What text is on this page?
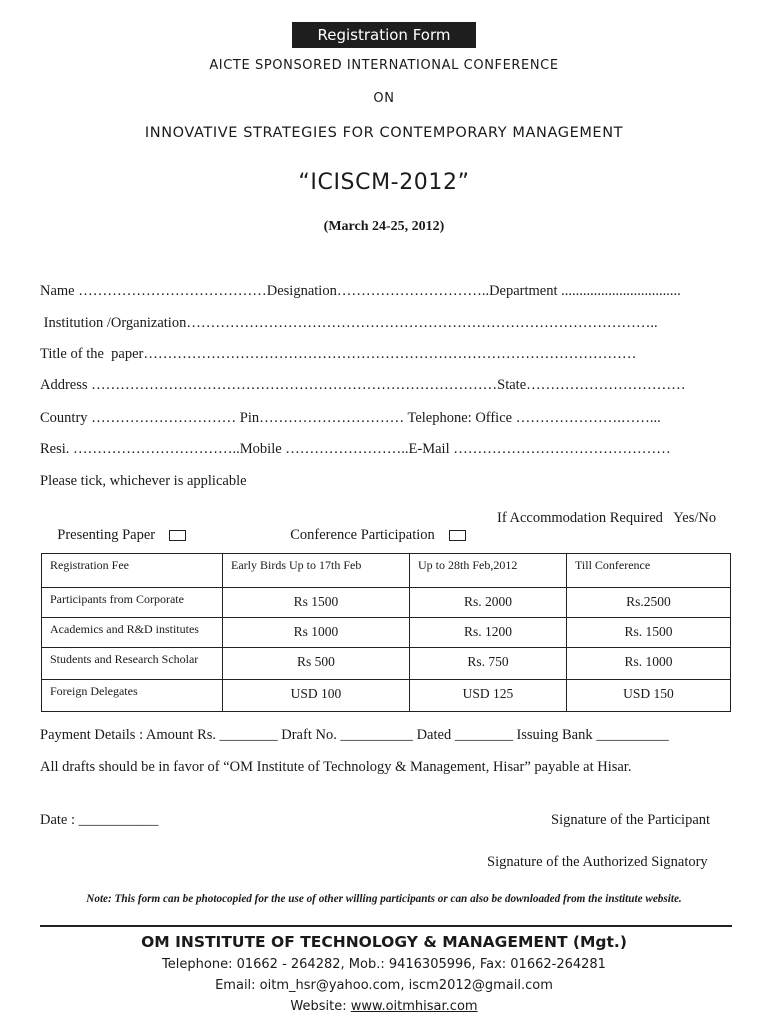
Registration Form
AICTE SPONSORED INTERNATIONAL CONFERENCE
ON
INNOVATIVE STRATEGIES FOR CONTEMPORARY MANAGEMENT
“ICISCM-2012”
(March 24-25, 2012)
Name …………………………………Designation…………………………..Department .................................
Institution /Organization……………………………………………………………………………………..
Title of the  paper…………………………………………………………………………………………
Address …………………………………………………………………………State……………………………
Country ………………………… Pin………………………… Telephone: Office ………………….……...
Resi. ……………………………..Mobile ……………………..E-Mail ………………………………………
Please tick, whichever is applicable

Presenting Paper	Conference Participation

If Accommodation Required   Yes/No
Registration Fee	Early Birds Up to 17th Feb	Up to 28th Feb,2012	Till Conference
Participants from Corporate	Rs 1500	Rs. 2000	Rs.2500
Academics and R&D institutes	Rs 1000	Rs. 1200	Rs. 1500
Students and Research Scholar	Rs 500	Rs. 750	Rs. 1000
Foreign Delegates	USD 100	USD 125	USD 150
Payment Details : Amount Rs. ________ Draft No. __________ Dated ________ Issuing Bank __________
All drafts should be in favor of “OM Institute of Technology & Management, Hisar” payable at Hisar.
Date : ___________	Signature of the Participant
Signature of the Authorized Signatory
Note: This form can be photocopied for the use of other willing participants or can also be downloaded from the institute website.
OM INSTITUTE OF TECHNOLOGY & MANAGEMENT (Mgt.)
Telephone: 01662 - 264282, Mob.: 9416305996, Fax: 01662-264281
Email: oitm_hsr@yahoo.com, iscm2012@gmail.com
Website: www.oitmhisar.com
